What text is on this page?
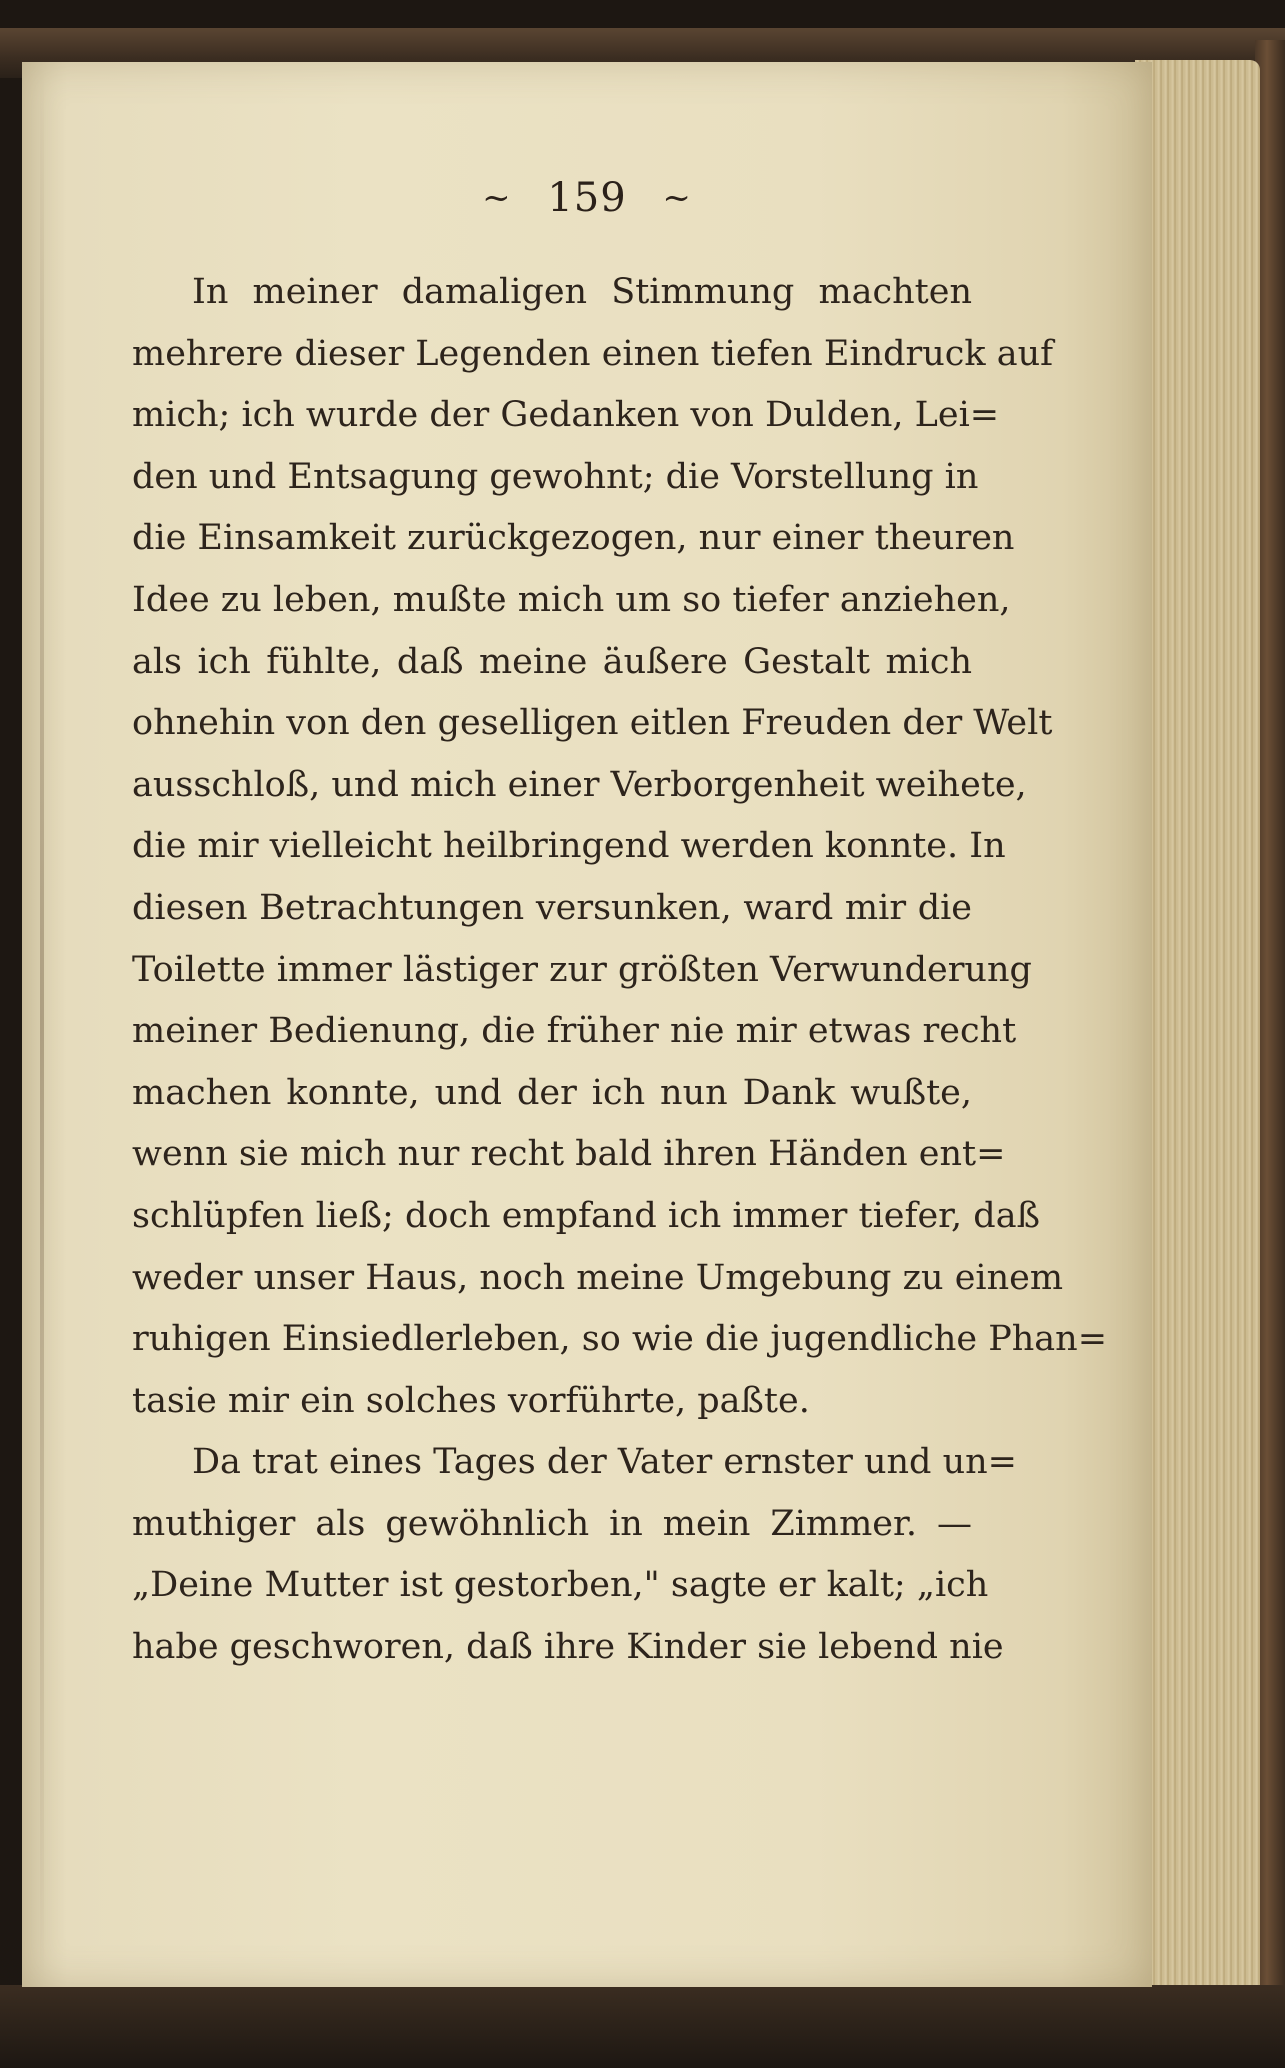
~ 159 ~
In meiner damaligen Stimmung machten
mehrere dieser Legenden einen tiefen Eindruck auf
mich; ich wurde der Gedanken von Dulden, Lei=
den und Entsagung gewohnt; die Vorstellung in
die Einsamkeit zurückgezogen, nur einer theuren
Idee zu leben, mußte mich um so tiefer anziehen,
als ich fühlte, daß meine äußere Gestalt mich
ohnehin von den geselligen eitlen Freuden der Welt
ausschloß, und mich einer Verborgenheit weihete,
die mir vielleicht heilbringend werden konnte. In
diesen Betrachtungen versunken, ward mir die
Toilette immer lästiger zur größten Verwunderung
meiner Bedienung, die früher nie mir etwas recht
machen konnte, und der ich nun Dank wußte,
wenn sie mich nur recht bald ihren Händen ent=
schlüpfen ließ; doch empfand ich immer tiefer, daß
weder unser Haus, noch meine Umgebung zu einem
ruhigen Einsiedlerleben, so wie die jugendliche Phan=
tasie mir ein solches vorführte, paßte.
Da trat eines Tages der Vater ernster und un=
muthiger als gewöhnlich in mein Zimmer. —
„Deine Mutter ist gestorben," sagte er kalt; „ich
habe geschworen, daß ihre Kinder sie lebend nie
